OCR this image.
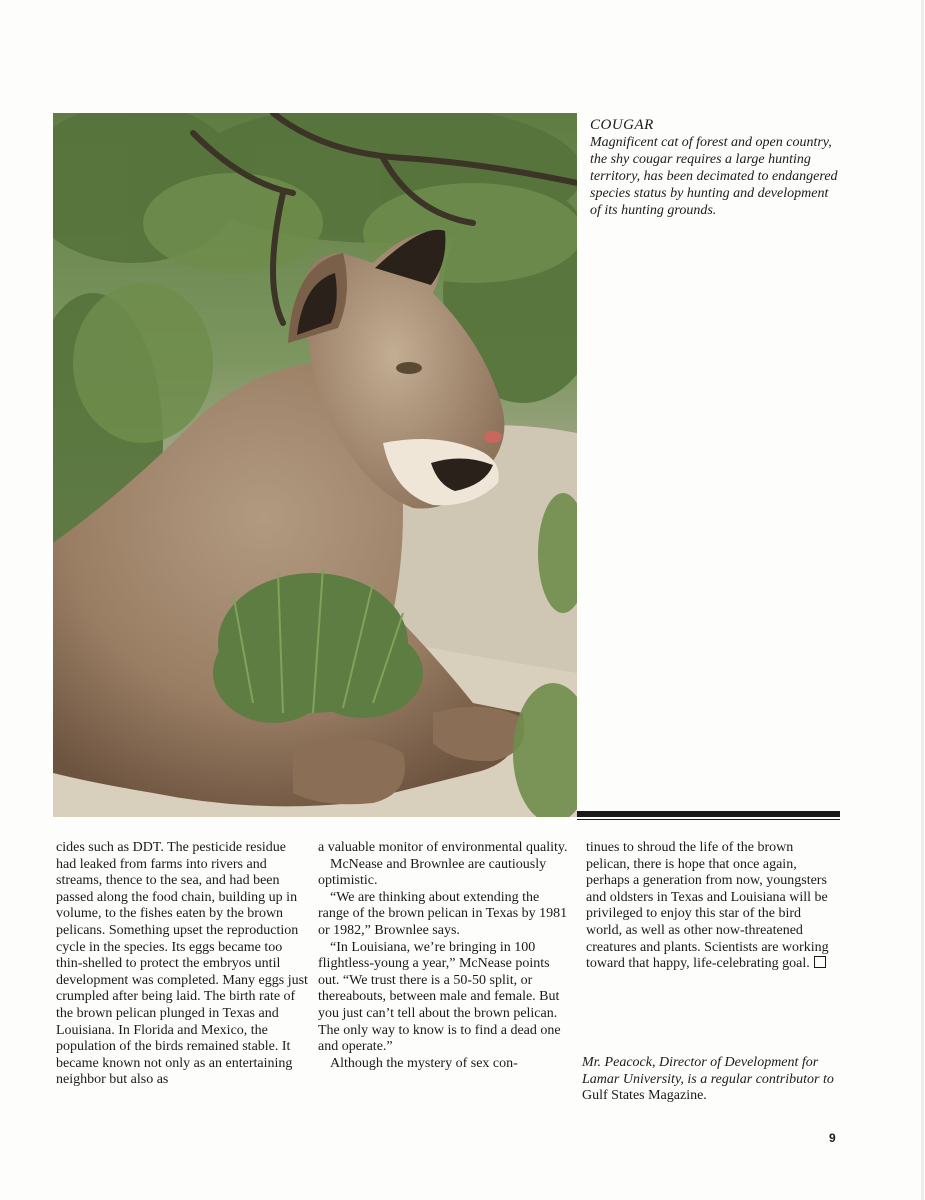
COUGAR
Magnificent cat of forest and open country, the shy cougar requires a large hunting territory, has been decimated to endangered species status by hunting and development of its hunting grounds.

cides such as DDT. The pesticide residue had leaked from farms into rivers and streams, thence to the sea, and had been passed along the food chain, building up in volume, to the fishes eaten by the brown pelicans. Something upset the reproduction cycle in the species. Its eggs became too thin-shelled to protect the embryos until development was completed. Many eggs just crumpled after being laid. The birth rate of the brown pelican plunged in Texas and Louisiana. In Florida and Mexico, the population of the birds remained stable. It became known not only as an entertaining neighbor but also as

a valuable monitor of environmental quality.

McNease and Brownlee are cautiously optimistic.

“We are thinking about extending the range of the brown pelican in Texas by 1981 or 1982,” Brownlee says.

“In Louisiana, we’re bringing in 100 flightless-young a year,” McNease points out. “We trust there is a 50-50 split, or thereabouts, between male and female. But you just can’t tell about the brown pelican. The only way to know is to find a dead one and operate.”

Although the mystery of sex con-

tinues to shroud the life of the brown pelican, there is hope that once again, perhaps a generation from now, youngsters and oldsters in Texas and Louisiana will be privileged to enjoy this star of the bird world, as well as other now-threatened creatures and plants. Scientists are working toward that happy, life-celebrating goal.

Mr. Peacock, Director of Development for Lamar University, is a regular contributor to Gulf States Magazine.
9
